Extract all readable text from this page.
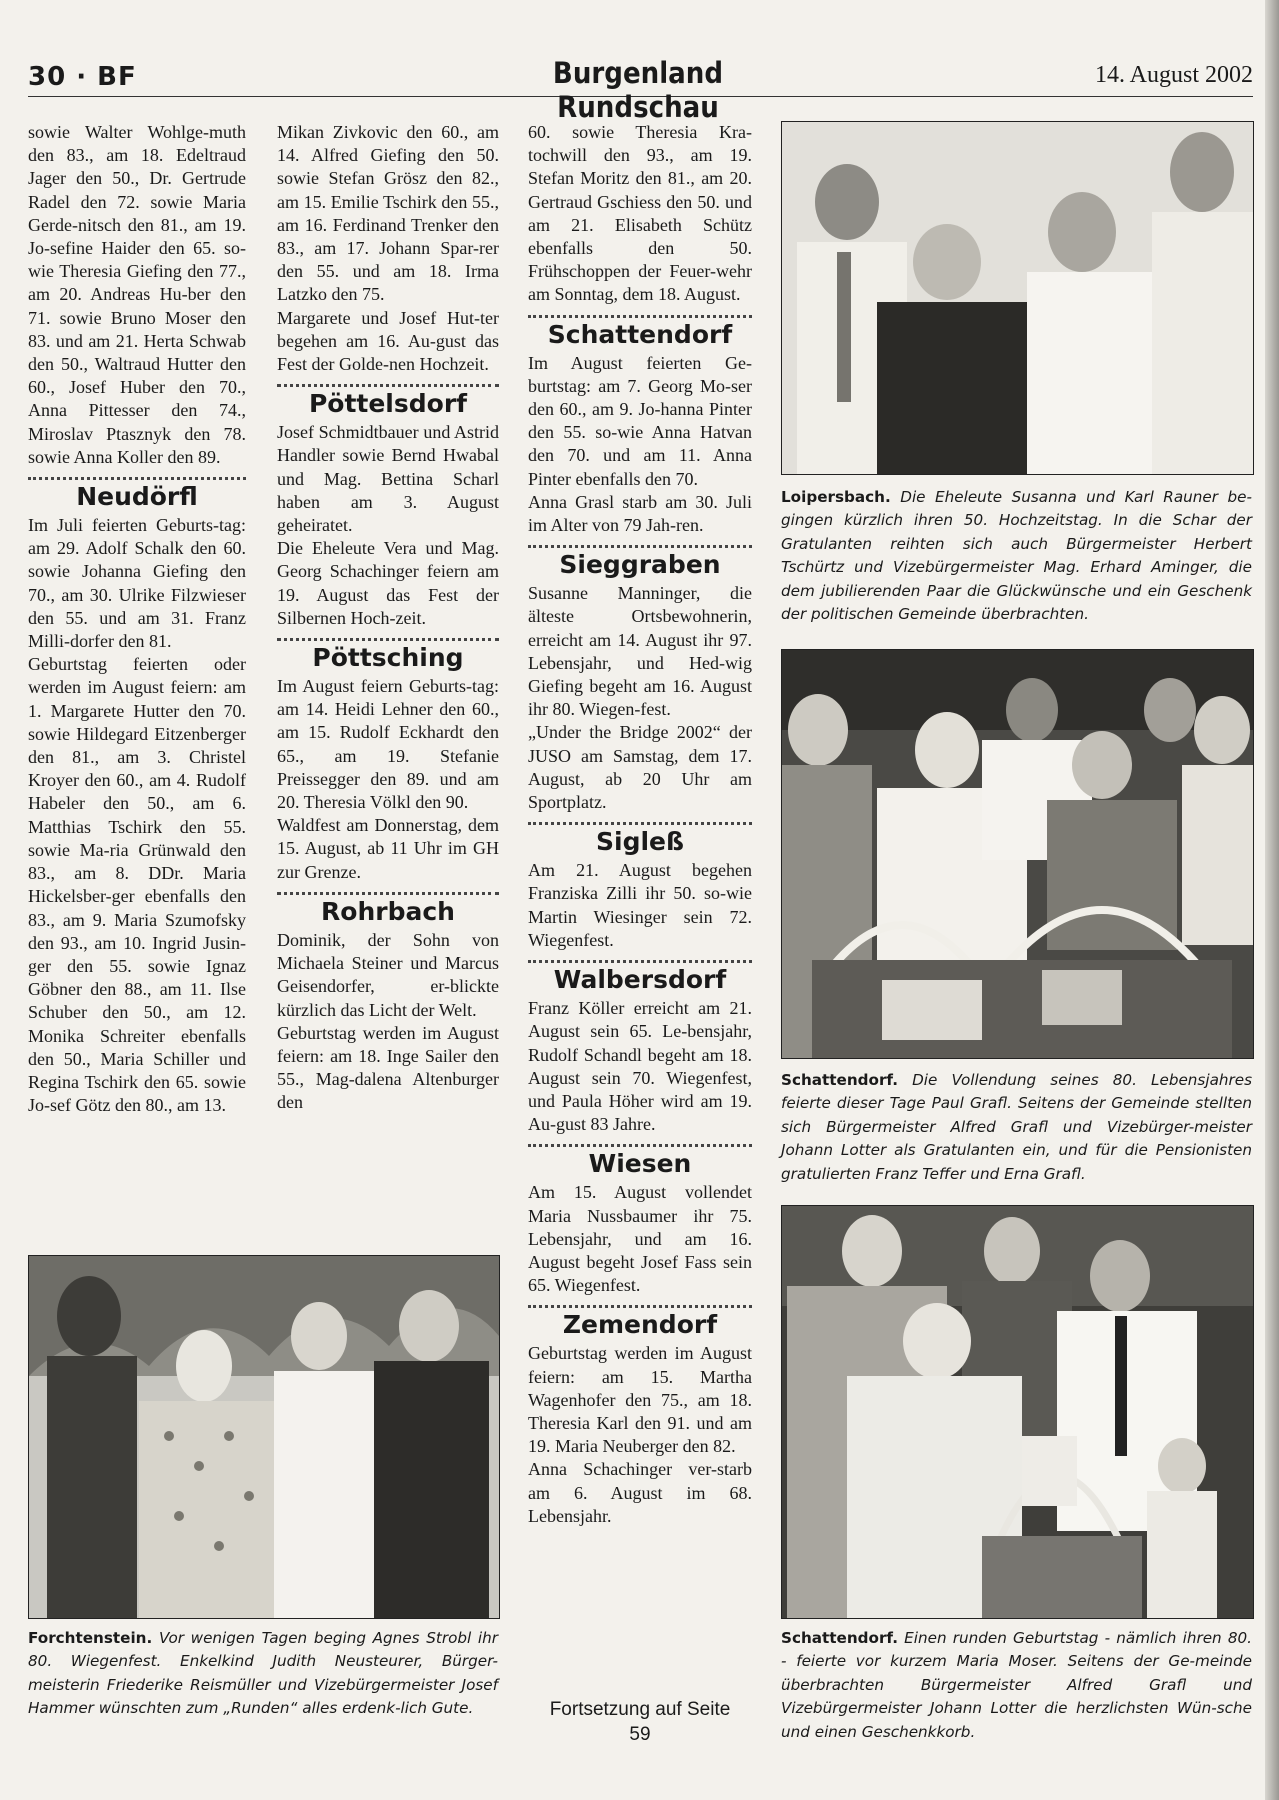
30 · BF	Burgenland Rundschau
14. August 2002

sowie Walter Wohlge-muth den 83., am 18. Edeltraud Jager den 50., Dr. Gertrude Radel den 72. sowie Maria Gerde-nitsch den 81., am 19. Jo-sefine Haider den 65. so-wie Theresia Giefing den 77., am 20. Andreas Hu-ber den 71. sowie Bruno Moser den 83. und am 21. Herta Schwab den 50., Waltraud Hutter den 60., Josef Huber den 70., Anna Pittesser den 74., Miroslav Ptasznyk den 78. sowie Anna Koller den 89.

Neudörfl

Im Juli feierten Geburts-tag: am 29. Adolf Schalk den 60. sowie Johanna Giefing den 70., am 30. Ulrike Filzwieser den 55. und am 31. Franz Milli-dorfer den 81.

Geburtstag feierten oder werden im August feiern: am 1. Margarete Hutter den 70. sowie Hildegard Eitzenberger den 81., am 3. Christel Kroyer den 60., am 4. Rudolf Habeler den 50., am 6. Matthias Tschirk den 55. sowie Ma-ria Grünwald den 83., am 8. DDr. Maria Hickelsber-ger ebenfalls den 83., am 9. Maria Szumofsky den 93., am 10. Ingrid Jusin-ger den 55. sowie Ignaz Göbner den 88., am 11. Ilse Schuber den 50., am 12. Monika Schreiter ebenfalls den 50., Maria Schiller und Regina Tschirk den 65. sowie Jo-sef Götz den 80., am 13.

Mikan Zivkovic den 60., am 14. Alfred Giefing den 50. sowie Stefan Grösz den 82., am 15. Emilie Tschirk den 55., am 16. Ferdinand Trenker den 83., am 17. Johann Spar-rer den 55. und am 18. Irma Latzko den 75.

Margarete und Josef Hut-ter begehen am 16. Au-gust das Fest der Golde-nen Hochzeit.

Pöttelsdorf

Josef Schmidtbauer und Astrid Handler sowie Bernd Hwabal und Mag. Bettina Scharl haben am 3. August geheiratet.

Die Eheleute Vera und Mag. Georg Schachinger feiern am 19. August das Fest der Silbernen Hoch-zeit.

Pöttsching

Im August feiern Geburts-tag: am 14. Heidi Lehner den 60., am 15. Rudolf Eckhardt den 65., am 19. Stefanie Preissegger den 89. und am 20. Theresia Völkl den 90.

Waldfest am Donnerstag, dem 15. August, ab 11 Uhr im GH zur Grenze.

Rohrbach

Dominik, der Sohn von Michaela Steiner und Marcus Geisendorfer, er-blickte kürzlich das Licht der Welt.

Geburtstag werden im August feiern: am 18. Inge Sailer den 55., Mag-dalena Altenburger den

60. sowie Theresia Kra-tochwill den 93., am 19. Stefan Moritz den 81., am 20. Gertraud Gschiess den 50. und am 21. Elisabeth Schütz ebenfalls den 50. Frühschoppen der Feuer-wehr am Sonntag, dem 18. August.

Schattendorf

Im August feierten Ge-burtstag: am 7. Georg Mo-ser den 60., am 9. Jo-hanna Pinter den 55. so-wie Anna Hatvan den 70. und am 11. Anna Pinter ebenfalls den 70.

Anna Grasl starb am 30. Juli im Alter von 79 Jah-ren.

Sieggraben

Susanne Manninger, die älteste Ortsbewohnerin, erreicht am 14. August ihr 97. Lebensjahr, und Hed-wig Giefing begeht am 16. August ihr 80. Wiegen-fest.

„Under the Bridge 2002“ der JUSO am Samstag, dem 17. August, ab 20 Uhr am Sportplatz.

Sigleß

Am 21. August begehen Franziska Zilli ihr 50. so-wie Martin Wiesinger sein 72. Wiegenfest.

Walbersdorf

Franz Köller erreicht am 21. August sein 65. Le-bensjahr, Rudolf Schandl begeht am 18. August sein 70. Wiegenfest, und Paula Höher wird am 19. Au-gust 83 Jahre.

Wiesen

Am 15. August vollendet Maria Nussbaumer ihr 75. Lebensjahr, und am 16. August begeht Josef Fass sein 65. Wiegenfest.

Zemendorf

Geburtstag werden im August feiern: am 15. Martha Wagenhofer den 75., am 18. Theresia Karl den 91. und am 19. Maria Neuberger den 82.

Anna Schachinger ver-starb am 6. August im 68. Lebensjahr.

Fortsetzung auf Seite 59
Forchtenstein. Vor wenigen Tagen beging Agnes Strobl ihr 80. Wiegenfest. Enkelkind Judith Neusteurer, Bürger-meisterin Friederike Reismüller und Vizebürgermeister Josef Hammer wünschten zum „Runden“ alles erdenk-lich Gute.
Loipersbach. Die Eheleute Susanna und Karl Rauner be-gingen kürzlich ihren 50. Hochzeitstag. In die Schar der Gratulanten reihten sich auch Bürgermeister Herbert Tschürtz und Vizebürgermeister Mag. Erhard Aminger, die dem jubilierenden Paar die Glückwünsche und ein Geschenk der politischen Gemeinde überbrachten.
Schattendorf. Die Vollendung seines 80. Lebensjahres feierte dieser Tage Paul Grafl. Seitens der Gemeinde stellten sich Bürgermeister Alfred Grafl und Vizebürger-meister Johann Lotter als Gratulanten ein, und für die Pensionisten gratulierten Franz Teffer und Erna Grafl.
Schattendorf. Einen runden Geburtstag - nämlich ihren 80. - feierte vor kurzem Maria Moser. Seitens der Ge-meinde überbrachten Bürgermeister Alfred Grafl und Vizebürgermeister Johann Lotter die herzlichsten Wün-sche und einen Geschenkkorb.
